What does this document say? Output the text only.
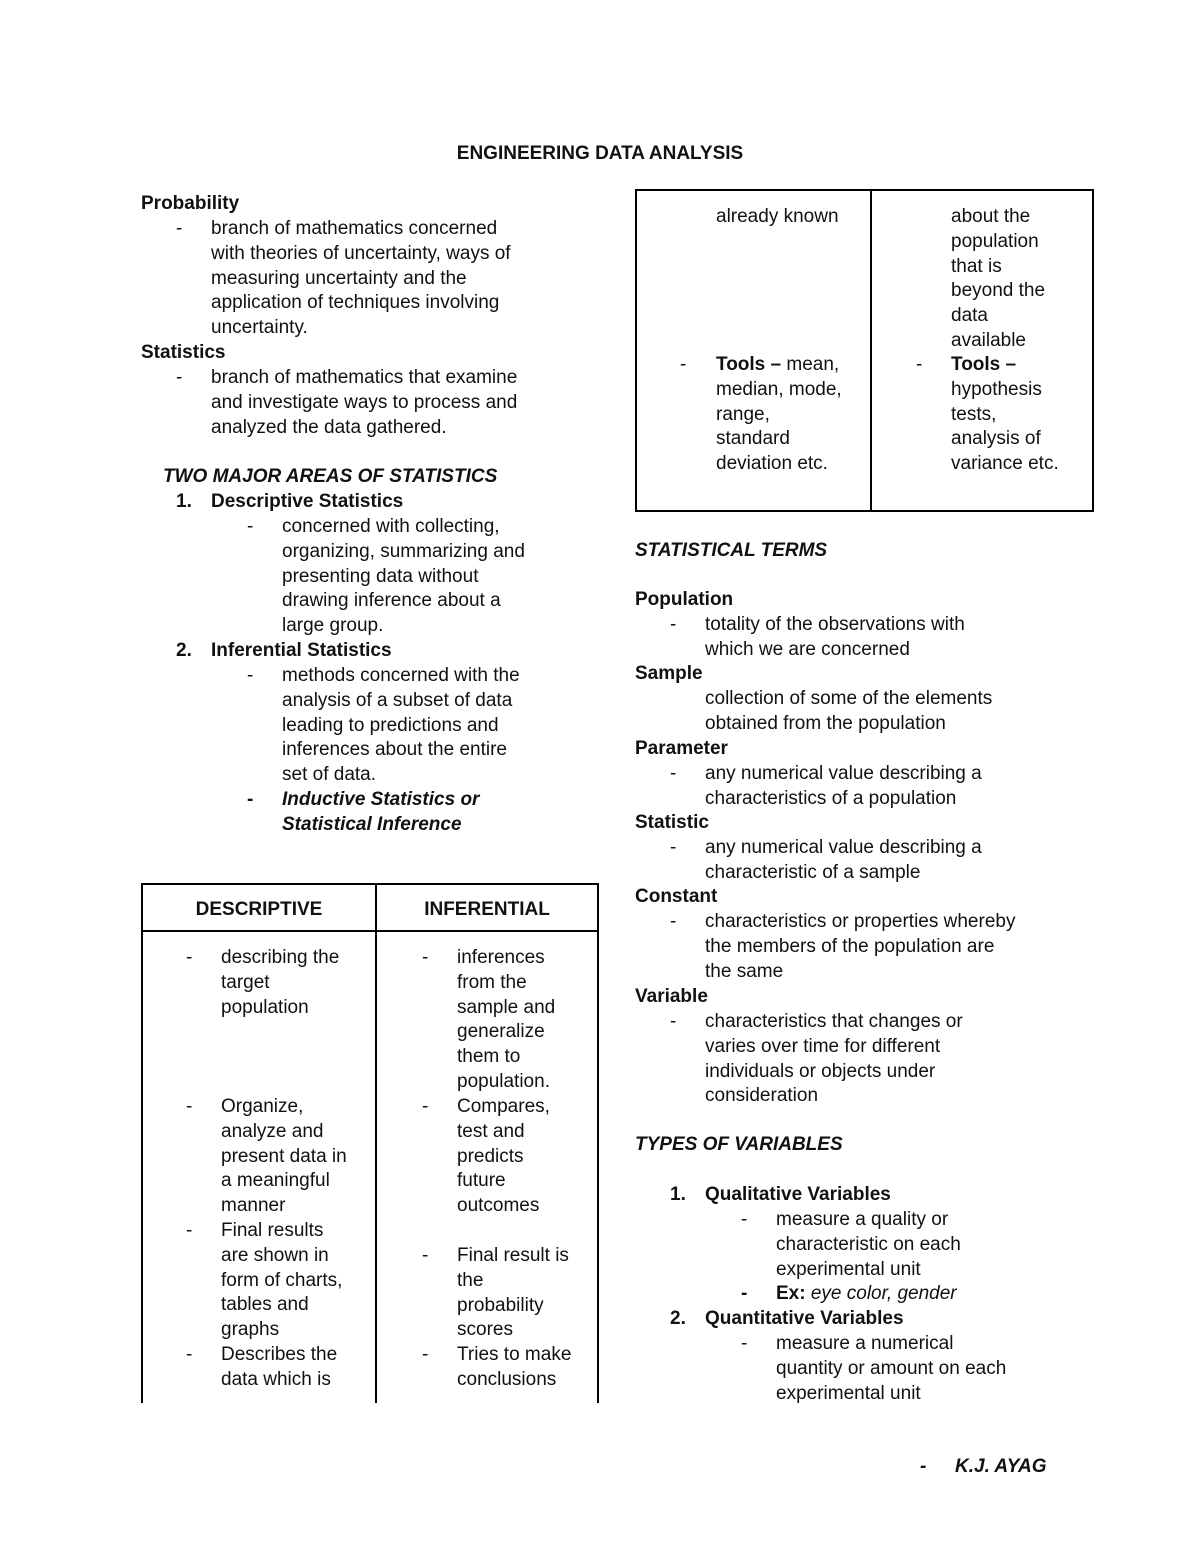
ENGINEERING DATA ANALYSIS
Probability
- branch of mathematics concerned
with theories of uncertainty, ways of
measuring uncertainty and the
application of techniques involving
uncertainty.
Statistics
- branch of mathematics that examine
and investigate ways to process and
analyzed the data gathered.
TWO MAJOR AREAS OF STATISTICS
1. Descriptive Statistics
- concerned with collecting,
organizing, summarizing and
presenting data without
drawing inference about a
large group.
2. Inferential Statistics
- methods concerned with the
analysis of a subset of data
leading to predictions and
inferences about the entire
set of data.
- Inductive Statistics or
Statistical Inference
DESCRIPTIVE	INFERENTIAL
- describing the
target
population
- Organize,
analyze and
present data in
a meaningful
manner
- Final results
are shown in
form of charts,
tables and
graphs
- Describes the
data which is
- inferences
from the
sample and
generalize
them to
population.
- Compares,
test and
predicts
future
outcomes
- Final result is
the
probability
scores
- Tries to make
conclusions
already known
- Tools – mean,
median, mode,
range,
standard
deviation etc.
about the
population
that is
beyond the
data
available
- Tools –
hypothesis
tests,
analysis of
variance etc.
STATISTICAL TERMS
Population
- totality of the observations with
which we are concerned
Sample
collection of some of the elements
obtained from the population
Parameter
- any numerical value describing a
characteristics of a population
Statistic
- any numerical value describing a
characteristic of a sample
Constant
- characteristics or properties whereby
the members of the population are
the same
Variable
- characteristics that changes or
varies over time for different
individuals or objects under
consideration
TYPES OF VARIABLES
1. Qualitative Variables
- measure a quality or
characteristic on each
experimental unit
- Ex: eye color, gender
2. Quantitative Variables
- measure a numerical
quantity or amount on each
experimental unit
- K.J. AYAG
